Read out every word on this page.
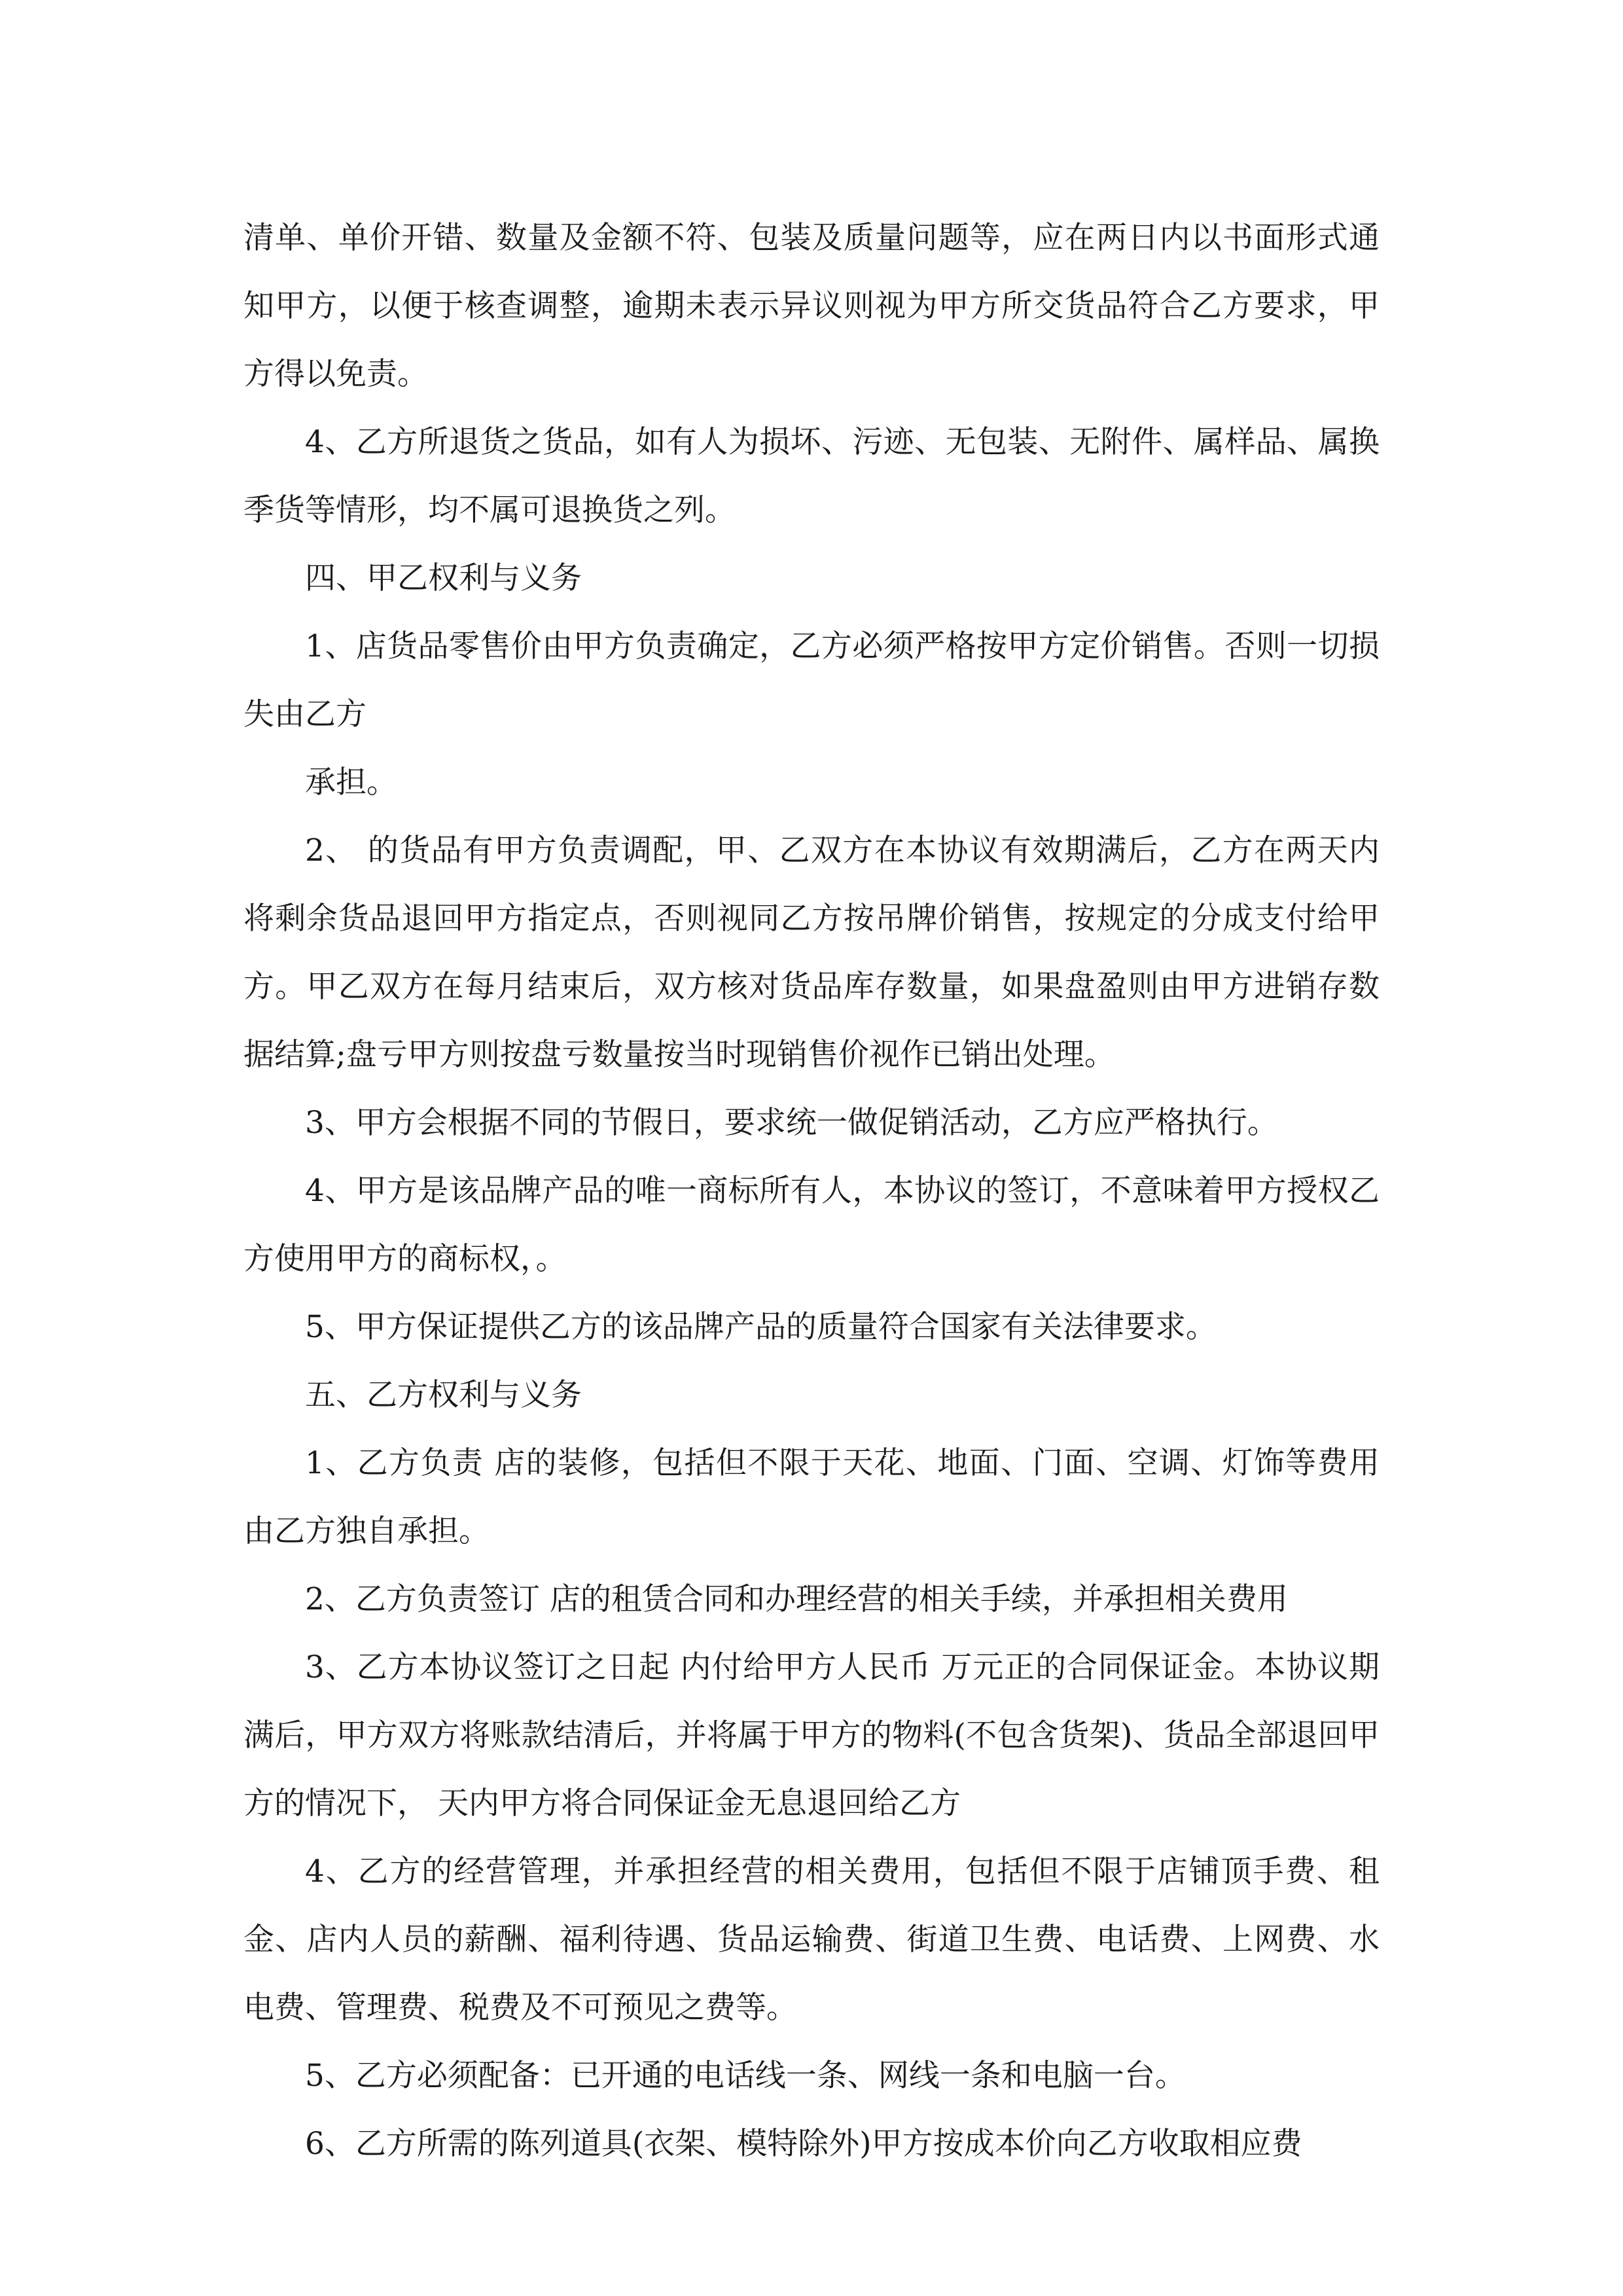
清单、单价开错、数量及金额不符、包装及质量问题等，应在两日内以书面形式通知甲方，以便于核查调整，逾期未表示异议则视为甲方所交货品符合乙方要求，甲方得以免责。

4、乙方所退货之货品，如有人为损坏、污迹、无包装、无附件、属样品、属换季货等情形，均不属可退换货之列。

四、甲乙权利与义务

1、店货品零售价由甲方负责确定，乙方必须严格按甲方定价销售。否则一切损失由乙方

承担。

2、 的货品有甲方负责调配，甲、乙双方在本协议有效期满后，乙方在两天内将剩余货品退回甲方指定点，否则视同乙方按吊牌价销售，按规定的分成支付给甲方。甲乙双方在每月结束后，双方核对货品库存数量，如果盘盈则由甲方进销存数据结算;盘亏甲方则按盘亏数量按当时现销售价视作已销出处理。

3、甲方会根据不同的节假日，要求统一做促销活动，乙方应严格执行。

4、甲方是该品牌产品的唯一商标所有人，本协议的签订，不意味着甲方授权乙方使用甲方的商标权，。

5、甲方保证提供乙方的该品牌产品的质量符合国家有关法律要求。

五、乙方权利与义务

1、乙方负责 店的装修，包括但不限于天花、地面、门面、空调、灯饰等费用由乙方独自承担。

2、乙方负责签订 店的租赁合同和办理经营的相关手续，并承担相关费用

3、乙方本协议签订之日起 内付给甲方人民币 万元正的合同保证金。本协议期满后，甲方双方将账款结清后，并将属于甲方的物料(不包含货架)、货品全部退回甲方的情况下， 天内甲方将合同保证金无息退回给乙方

4、乙方的经营管理，并承担经营的相关费用，包括但不限于店铺顶手费、租金、店内人员的薪酬、福利待遇、货品运输费、街道卫生费、电话费、上网费、水电费、管理费、税费及不可预见之费等。

5、乙方必须配备：已开通的电话线一条、网线一条和电脑一台。

6、乙方所需的陈列道具(衣架、模特除外)甲方按成本价向乙方收取相应费
